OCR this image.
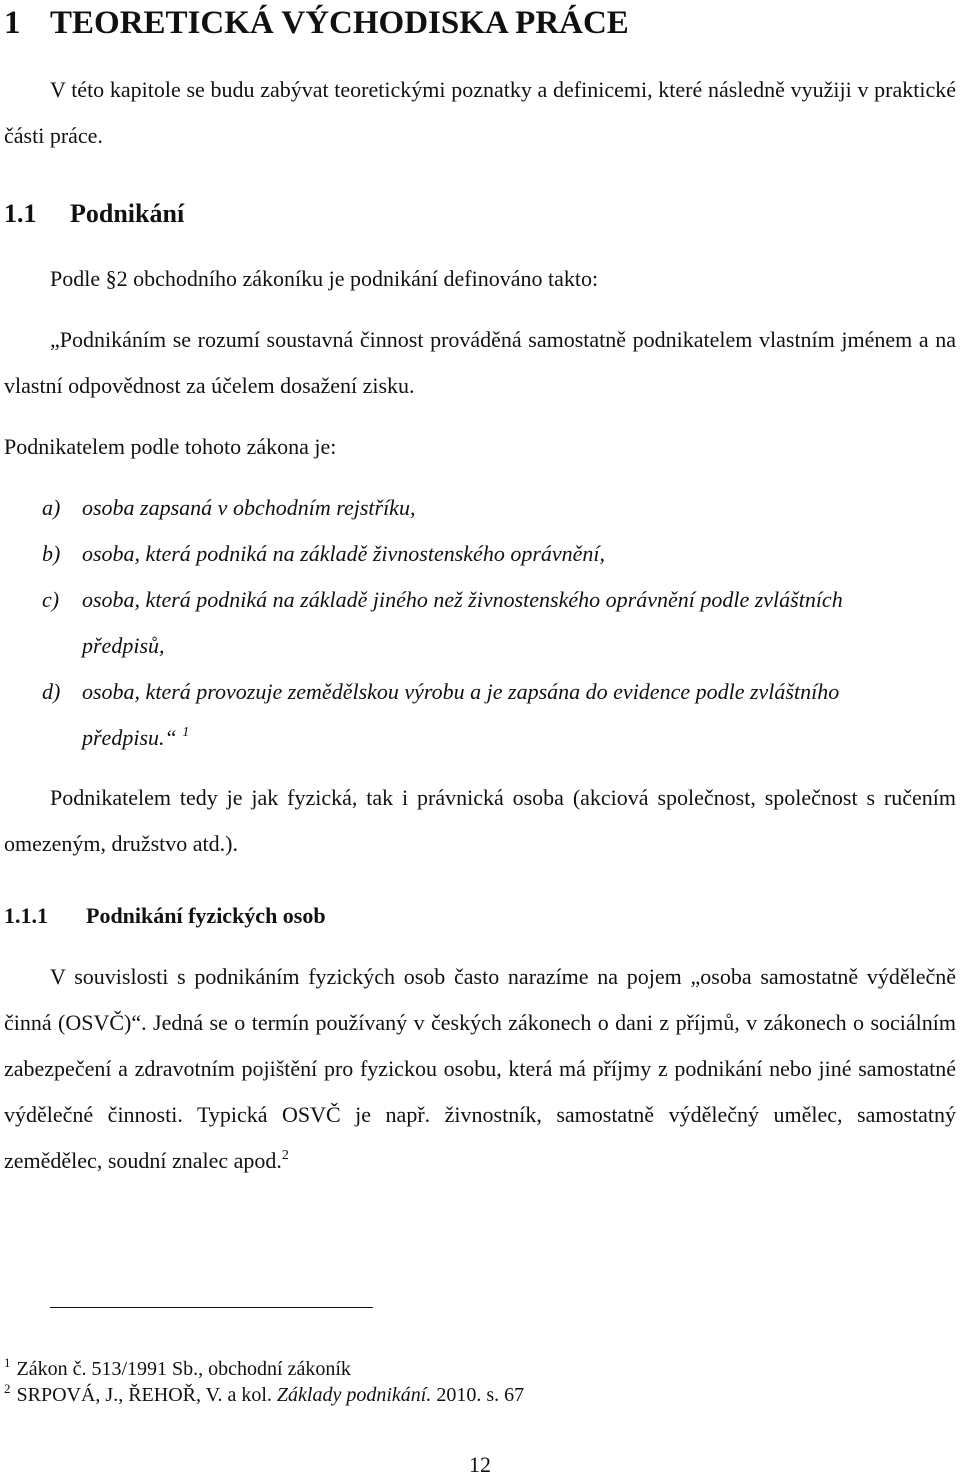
1 TEORETICKÁ VÝCHODISKA PRÁCE

V této kapitole se budu zabývat teoretickými poznatky a definicemi, které následně využiji v praktické části práce.

1.1 Podnikání

Podle §2 obchodního zákoníku je podnikání definováno takto:

„Podnikáním se rozumí soustavná činnost prováděná samostatně podnikatelem vlastním jménem a na vlastní odpovědnost za účelem dosažení zisku.

Podnikatelem podle tohoto zákona je:

a) osoba zapsaná v obchodním rejstříku,
b) osoba, která podniká na základě živnostenského oprávnění,
c) osoba, která podniká na základě jiného než živnostenského oprávnění podle zvláštních předpisů,
d) osoba, která provozuje zemědělskou výrobu a je zapsána do evidence podle zvláštního předpisu.“ $^1$

Podnikatelem tedy je jak fyzická, tak i právnická osoba (akciová společnost, společnost s ručením omezeným, družstvo atd.).

1.1.1 Podnikání fyzických osob

V souvislosti s podnikáním fyzických osob často narazíme na pojem „osoba samostatně výdělečně činná (OSVČ)“. Jedná se o termín používaný v českých zákonech o dani z příjmů, v zákonech o sociálním zabezpečení a zdravotním pojištění pro fyzickou osobu, která má příjmy z podnikání nebo jiné samostatné výdělečné činnosti. Typická OSVČ je např. živnostník, samostatně výdělečný umělec, samostatný zemědělec, soudní znalec apod.$^2$

$^1$ Zákon č. 513/1991 Sb., obchodní zákoník

$^2$ SRPOVÁ, J., ŘEHOŘ, V. a kol. Základy podnikání. 2010. s. 67

12
